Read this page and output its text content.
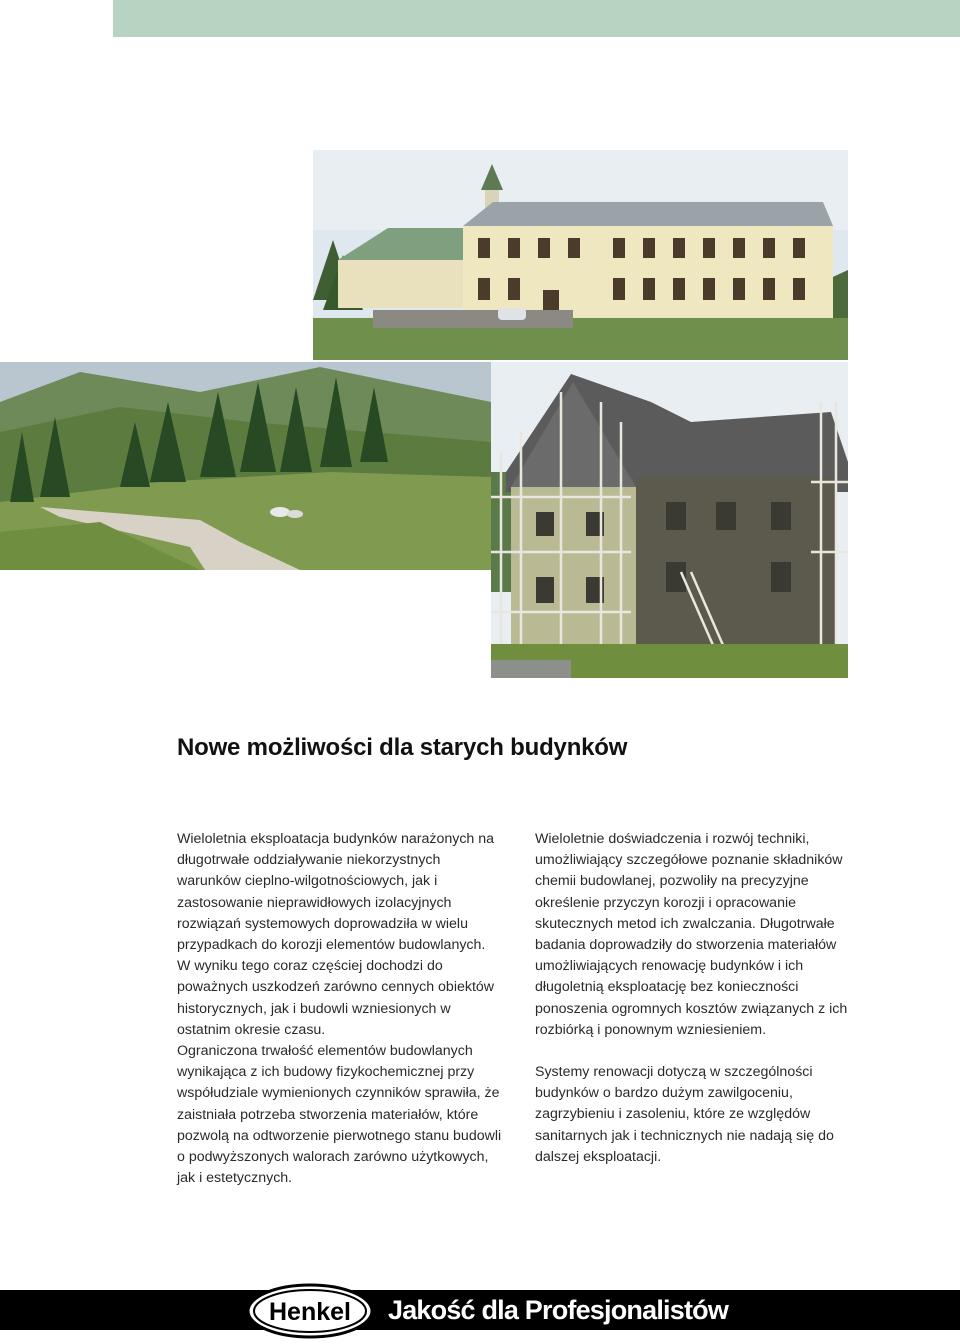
Nowe możliwości dla starych budynków

Wieloletnia eksploatacja budynków narażonych na długotrwałe oddziaływanie niekorzystnych warunków cieplno-wilgotnościowych, jak i zastosowanie nieprawidłowych izolacyjnych rozwiązań systemowych doprowadziła w wielu przypadkach do korozji elementów budowlanych. W wyniku tego coraz częściej dochodzi do poważnych uszkodzeń zarówno cennych obiektów historycznych, jak i budowli wzniesionych w ostatnim okresie czasu.

Ograniczona trwałość elementów budowlanych wynikająca z ich budowy fizykochemicznej przy współudziale wymienionych czynników sprawiła, że zaistniała potrzeba stworzenia materiałów, które pozwolą na odtworzenie pierwotnego stanu budowli o podwyższonych walorach zarówno użytkowych, jak i estetycznych.

Wieloletnie doświadczenia i rozwój techniki, umożliwiający szczegółowe poznanie składników chemii budowlanej, pozwoliły na precyzyjne określenie przyczyn korozji i opracowanie skutecznych metod ich zwalczania. Długotrwałe badania doprowadziły do stworzenia materiałów umożliwiających renowację budynków i ich długoletnią eksploatację bez konieczności ponoszenia ogromnych kosztów związanych z ich rozbiórką i ponownym wzniesieniem.

Systemy renowacji dotyczą w szczególności budynków o bardzo dużym zawilgoceniu, zagrzybieniu i zasoleniu, które ze względów sanitarnych jak i technicznych nie nadają się do dalszej eksploatacji.

Henkel Jakość dla Profesjonalistów
